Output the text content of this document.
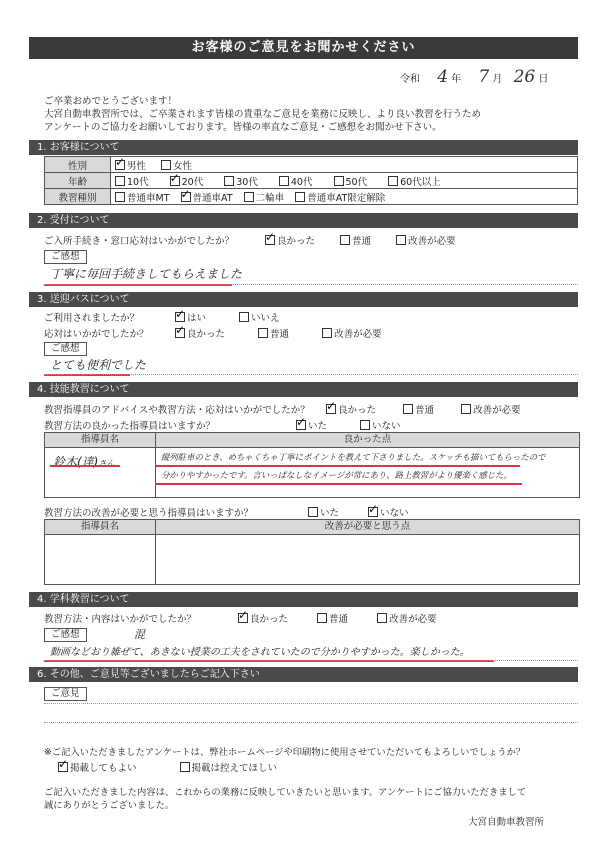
お客様のご意見をお聞かせください
令和 4 年 7 月 26 日
ご卒業おめでとうございます！
大宮自動車教習所では、ご卒業されます皆様の貴重なご意見を業務に反映し、より良い教習を行うため
アンケートのご協力をお願いしております。皆様の率直なご意見・ご感想をお聞かせ下さい。
1. お客様について
性別	✓男性 女性
年齢	10代 ✓ 20代 30代 40代 50代 60代以上
教習種別	普通車MT ✓ 普通車AT 二輪車 普通車AT限定解除
2. 受付について
ご入所手続き・窓口応対はいかがでしたか？ ✓	良かった	普通	改善が必要
ご感想
丁寧に毎回手続きしてもらえました
3. 送迎バスについて
ご利用されましたか？ ✓	はい	いいえ
応対はいかがでしたか？ ✓	良かった	普通	改善が必要
ご感想
とても便利でした
4. 技能教習について
教習指導員のアドバイスや教習方法・応対はいかがでしたか？ ✓	良かった	普通	改善が必要
教習方法の良かった指導員はいますか？ ✓	いた	いない
指導員名	良かった点
鈴木(達)さん
縦列駐車のとき、めちゃくちゃ丁寧にポイントを教えて下さりました。スケッチも描いてもらったので
分かりやすかったです。言いっぱなしなイメージが常にあり、路上教習がより優楽く感じた。
教習方法の改善が必要と思う指導員はいますか？	いた ✓	いない
指導員名	改善が必要と思う点
4. 学科教習について
教習方法・内容はいかがでしたか？ ✓	良かった	普通	改善が必要
ご感想	混
動画などおり雑ぜて、あきない授業の工夫をされていたので分かりやすかった。楽しかった。
6. その他、ご意見等ございましたらご記入下さい
ご意見
※ご記入いただきましたアンケートは、弊社ホームページや印刷物に使用させていただいてもよろしいでしょうか？
✓掲載してもよい	掲載は控えてほしい
ご記入いただきました内容は、これからの業務に反映していきたいと思います。アンケートにご協力いただきまして
誠にありがとうございました。
大宮自動車教習所
